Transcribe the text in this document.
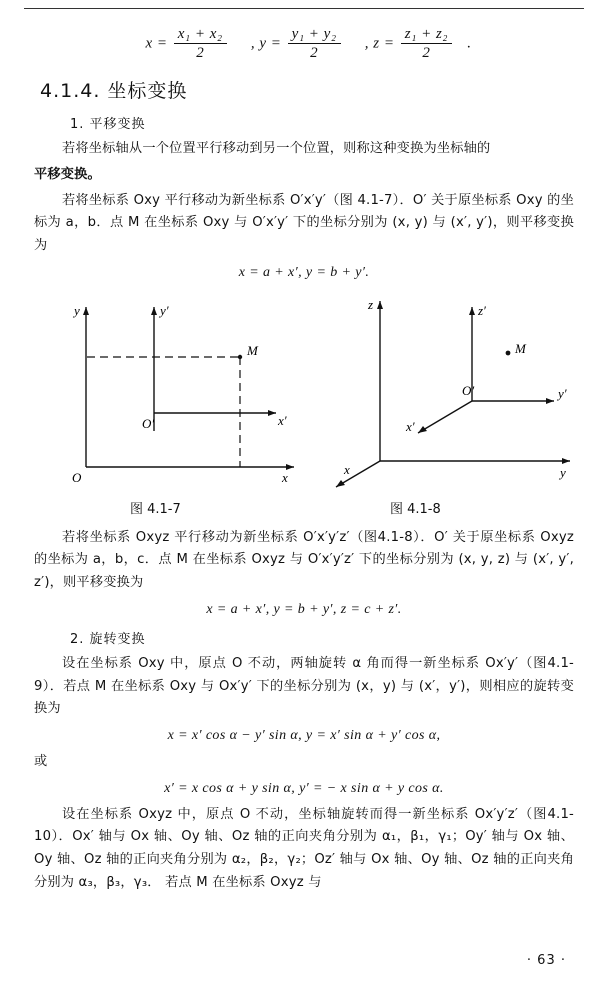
$x = \frac{\text{x₁ + x₂}}{2}$ , $y = \frac{\text{y₁ + y₂}}{2}$ , $z = \frac{\text{z₁ + z₂}}{2}$ .
4.1.4. 坐标变换
1. 平移变换

若将坐标轴从一个位置平行移动到另一个位置，则称这种变换为坐标轴的

平移变换。

若将坐标系 Oxy 平行移动为新坐标系 O′x′y′（图 4.1-7）．O′ 关于原坐标系 Oxy 的坐标为 a，b．点 M 在坐标系 Oxy 与 O′x′y′ 下的坐标分别为 (x, y) 与 (x′, y′)，则平移变换为

x = a + x′, y = b + y′.
y	y′
M
O′	x′
O	x
z	z′
M
O′	y′
x′
y
x
图 4.1-7	图 4.1-8

若将坐标系 Oxyz 平行移动为新坐标系 O′x′y′z′（图4.1-8）．O′ 关于原坐标系 Oxyz 的坐标为 a，b，c．点 M 在坐标系 Oxyz 与 O′x′y′z′ 下的坐标分别为 (x, y, z) 与 (x′, y′, z′)，则平移变换为

x = a + x′, y = b + y′, z = c + z′.
2. 旋转变换

设在坐标系 Oxy 中，原点 O 不动，两轴旋转 α 角而得一新坐标系 Ox′y′（图4.1-9）．若点 M 在坐标系 Oxy 与 Ox′y′ 下的坐标分别为 (x，y) 与 (x′，y′)，则相应的旋转变换为

x = x′ cos α − y′ sin α, y = x′ sin α + y′ cos α,

或

x′ = x cos α + y sin α, y′ = − x sin α + y cos α.

设在坐标系 Oxyz 中，原点 O 不动，坐标轴旋转而得一新坐标系 Ox′y′z′（图4.1-10）．Ox′ 轴与 Ox 轴、Oy 轴、Oz 轴的正向夹角分别为 α₁，β₁，γ₁；Oy′ 轴与 Ox 轴、Oy 轴、Oz 轴的正向夹角分别为 α₂，β₂，γ₂；Oz′ 轴与 Ox 轴、Oy 轴、Oz 轴的正向夹角分别为 α₃，β₃，γ₃． 若点 M 在坐标系 Oxyz 与

· 63 ·
